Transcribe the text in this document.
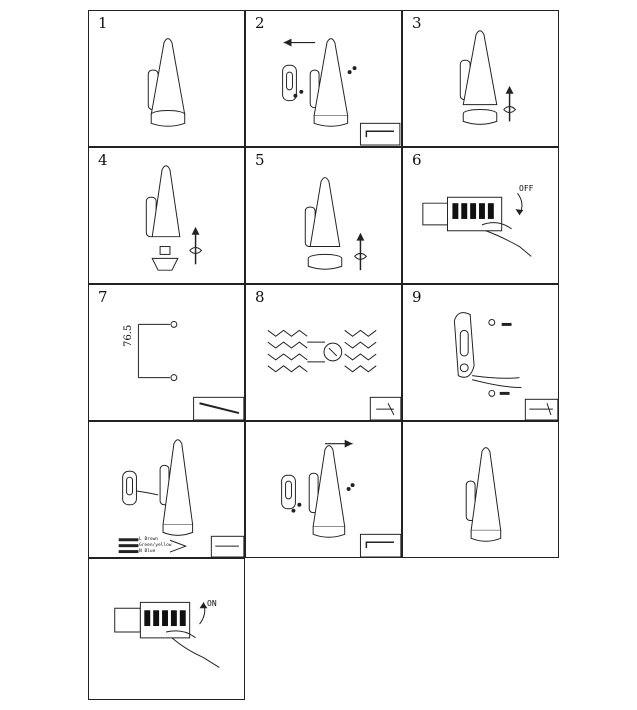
1	2	3
4	5	6
OFF
7
76.5
8	9
L Brown
Green/yellow
N Blue
ON
